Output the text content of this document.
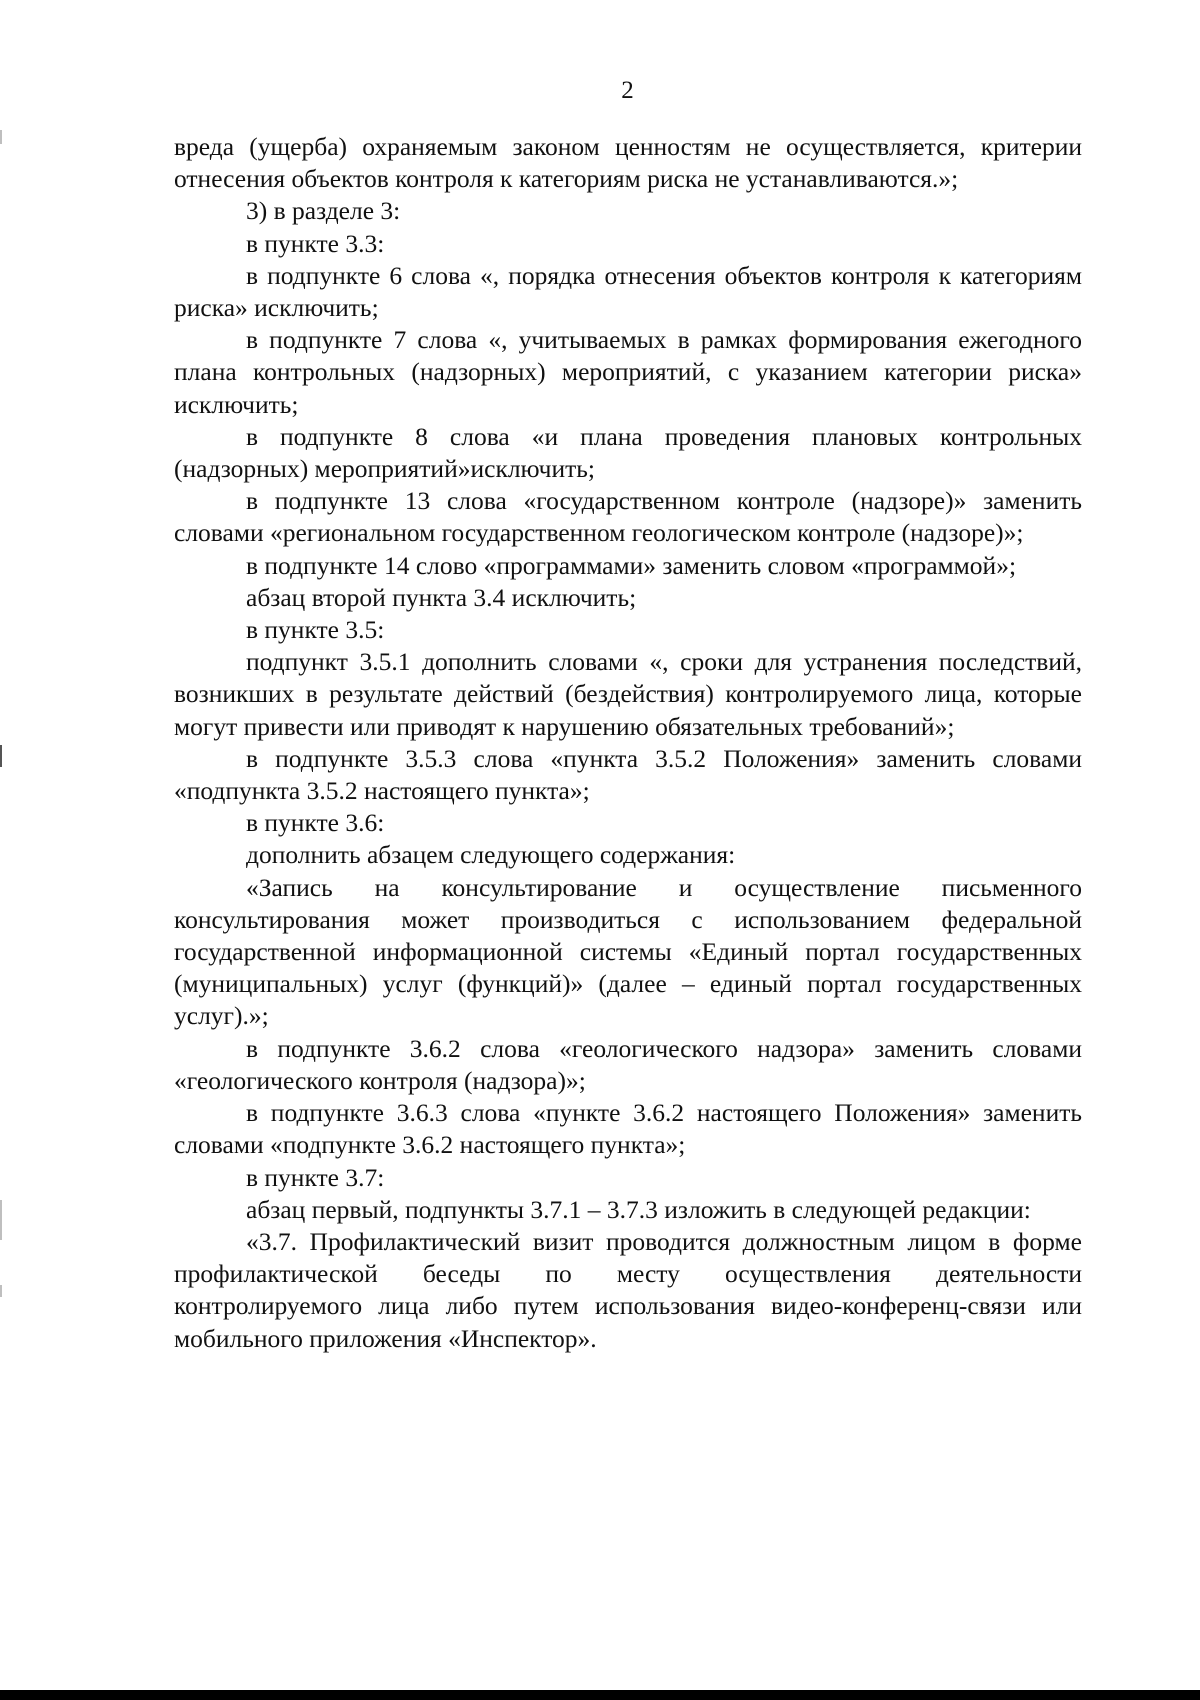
2

вреда (ущерба) охраняемым законом ценностям не осуществляется, критерии отнесения объектов контроля к категориям риска не устанавливаются.»;

3) в разделе 3:

в пункте 3.3:

в подпункте 6 слова «, порядка отнесения объектов контроля к категориям риска» исключить;

в подпункте 7 слова «, учитываемых в рамках формирования ежегодного плана контрольных (надзорных) мероприятий, с указанием категории риска» исключить;

в подпункте 8 слова «и плана проведения плановых контрольных (надзорных) мероприятий»исключить;

в подпункте 13 слова «государственном контроле (надзоре)» заменить словами «региональном государственном геологическом контроле (надзоре)»;

в подпункте 14 слово «программами» заменить словом «программой»;

абзац второй пункта 3.4 исключить;

в пункте 3.5:

подпункт 3.5.1 дополнить словами «, сроки для устранения последствий, возникших в результате действий (бездействия) контролируемого лица, которые могут привести или приводят к нарушению обязательных требований»;

в подпункте 3.5.3 слова «пункта 3.5.2 Положения» заменить словами «подпункта 3.5.2 настоящего пункта»;

в пункте 3.6:

дополнить абзацем следующего содержания:

«Запись на консультирование и осуществление письменного консультирования может производиться с использованием федеральной государственной информационной системы «Единый портал государственных (муниципальных) услуг (функций)» (далее – единый портал государственных услуг).»;

в подпункте 3.6.2 слова «геологического надзора» заменить словами «геологического контроля (надзора)»;

в подпункте 3.6.3 слова «пункте 3.6.2 настоящего Положения» заменить словами «подпункте 3.6.2 настоящего пункта»;

в пункте 3.7:

абзац первый, подпункты 3.7.1 – 3.7.3 изложить в следующей редакции:

«3.7. Профилактический визит проводится должностным лицом в форме профилактической беседы по месту осуществления деятельности контролируемого лица либо путем использования видео-конференц-связи или мобильного приложения «Инспектор».
